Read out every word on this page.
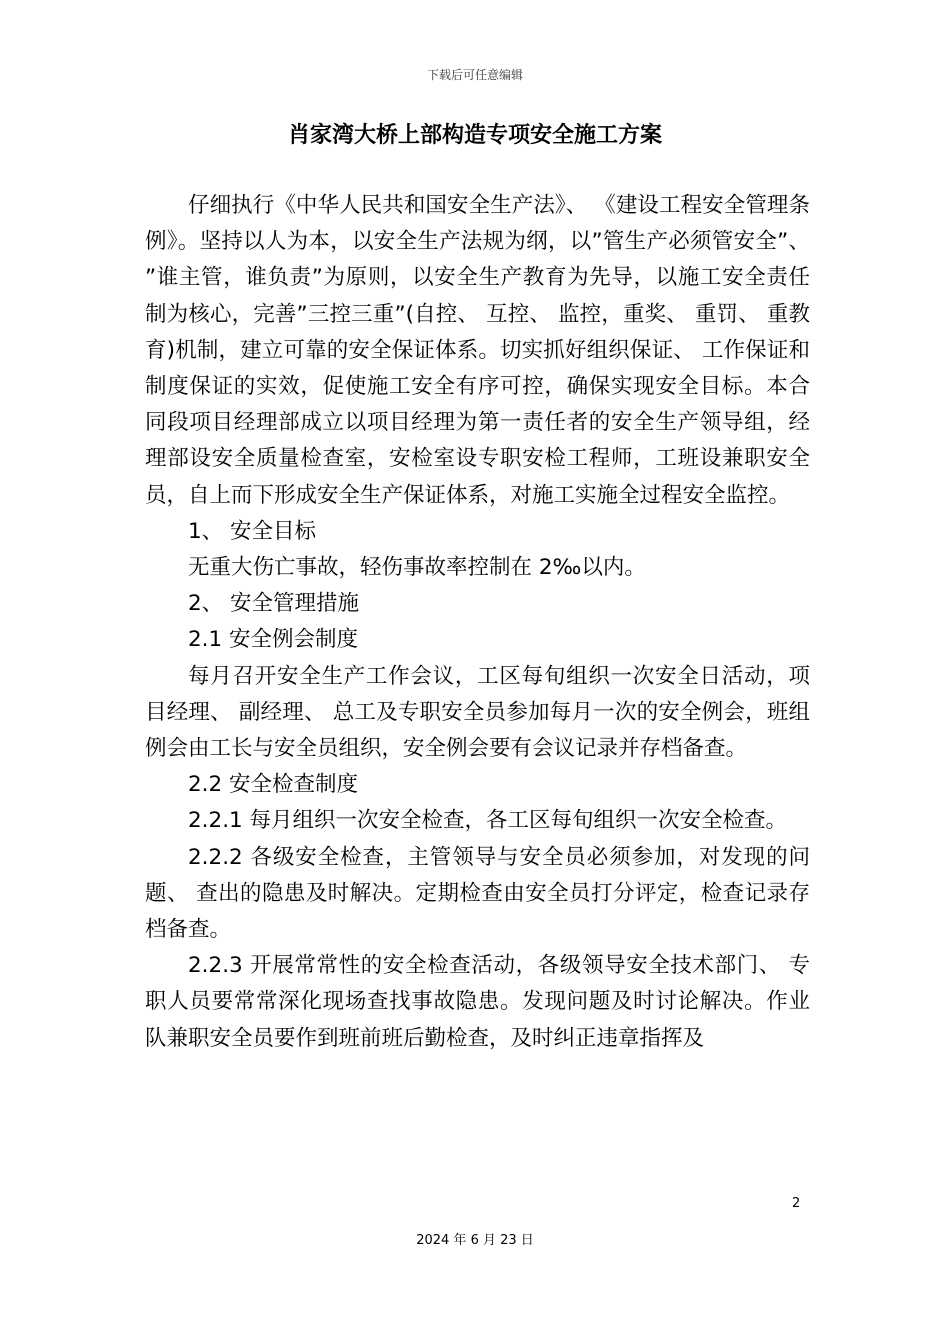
下载后可任意编辑
肖家湾大桥上部构造专项安全施工方案

仔细执行《中华人民共和国安全生产法》、 《建设工程安全管理条例》。坚持以人为本，以安全生产法规为纲，以”管生产必须管安全”、 ”谁主管，谁负责”为原则，以安全生产教育为先导，以施工安全责任制为核心，完善”三控三重”(自控、 互控、 监控，重奖、 重罚、 重教育)机制，建立可靠的安全保证体系。切实抓好组织保证、 工作保证和制度保证的实效，促使施工安全有序可控，确保实现安全目标。本合同段项目经理部成立以项目经理为第一责任者的安全生产领导组，经理部设安全质量检查室，安检室设专职安检工程师，工班设兼职安全员，自上而下形成安全生产保证体系，对施工实施全过程安全监控。

1、 安全目标

无重大伤亡事故，轻伤事故率控制在 2‰以内。

2、 安全管理措施

2.1 安全例会制度

每月召开安全生产工作会议，工区每旬组织一次安全日活动，项目经理、 副经理、 总工及专职安全员参加每月一次的安全例会，班组例会由工长与安全员组织，安全例会要有会议记录并存档备查。

2.2 安全检查制度

2.2.1 每月组织一次安全检查，各工区每旬组织一次安全检查。

2.2.2 各级安全检查，主管领导与安全员必须参加，对发现的问题、 查出的隐患及时解决。定期检查由安全员打分评定，检查记录存档备查。

2.2.3 开展常常性的安全检查活动，各级领导安全技术部门、 专职人员要常常深化现场查找事故隐患。发现问题及时讨论解决。作业队兼职安全员要作到班前班后勤检查，及时纠正违章指挥及

2
2024 年 6 月 23 日
